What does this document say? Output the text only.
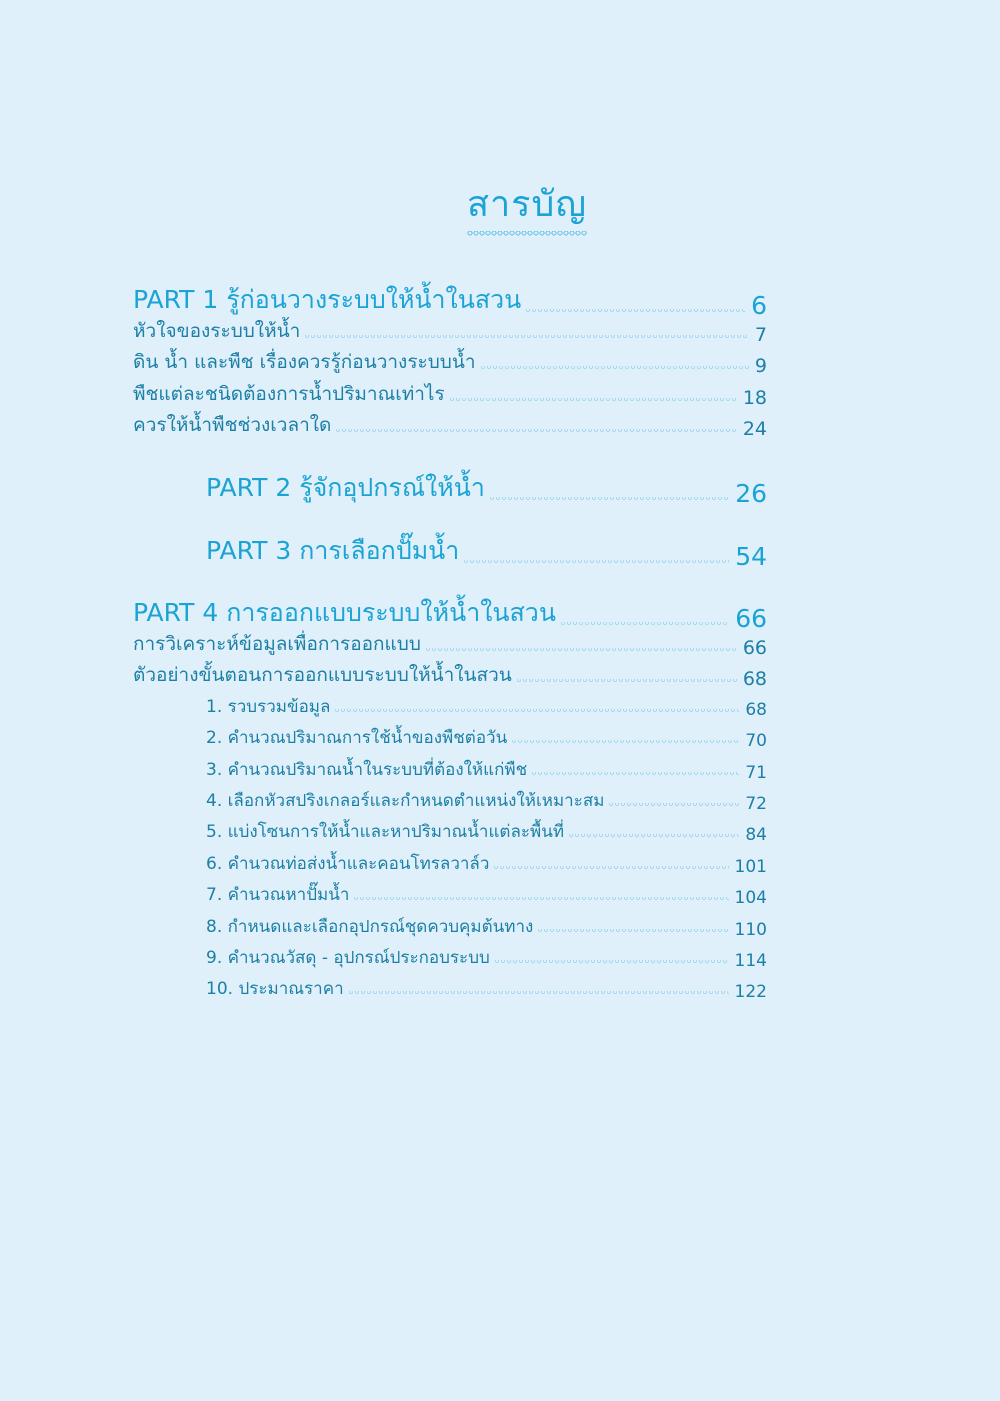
สารบัญ
PART 1 รู้ก่อนวางระบบให้น้ำในสวน	6
หัวใจของระบบให้น้ำ	7
ดิน น้ำ และพืช เรื่องควรรู้ก่อนวางระบบน้ำ	9
พืชแต่ละชนิดต้องการน้ำปริมาณเท่าไร	18
ควรให้น้ำพืชช่วงเวลาใด	24
PART 2 รู้จักอุปกรณ์ให้น้ำ	26
PART 3 การเลือกปั๊มน้ำ	54
PART 4 การออกแบบระบบให้น้ำในสวน	66
การวิเคราะห์ข้อมูลเพื่อการออกแบบ	66
ตัวอย่างขั้นตอนการออกแบบระบบให้น้ำในสวน	68
1. รวบรวมข้อมูล	68
2. คำนวณปริมาณการใช้น้ำของพืชต่อวัน	70
3. คำนวณปริมาณน้ำในระบบที่ต้องให้แก่พืช	71
4. เลือกหัวสปริงเกลอร์และกำหนดตำแหน่งให้เหมาะสม	72
5. แบ่งโซนการให้น้ำและหาปริมาณน้ำแต่ละพื้นที่	84
6. คำนวณท่อส่งน้ำและคอนโทรลวาล์ว	101
7. คำนวณหาปั๊มน้ำ	104
8. กำหนดและเลือกอุปกรณ์ชุดควบคุมต้นทาง	110
9. คำนวณวัสดุ - อุปกรณ์ประกอบระบบ	114
10. ประมาณราคา	122
